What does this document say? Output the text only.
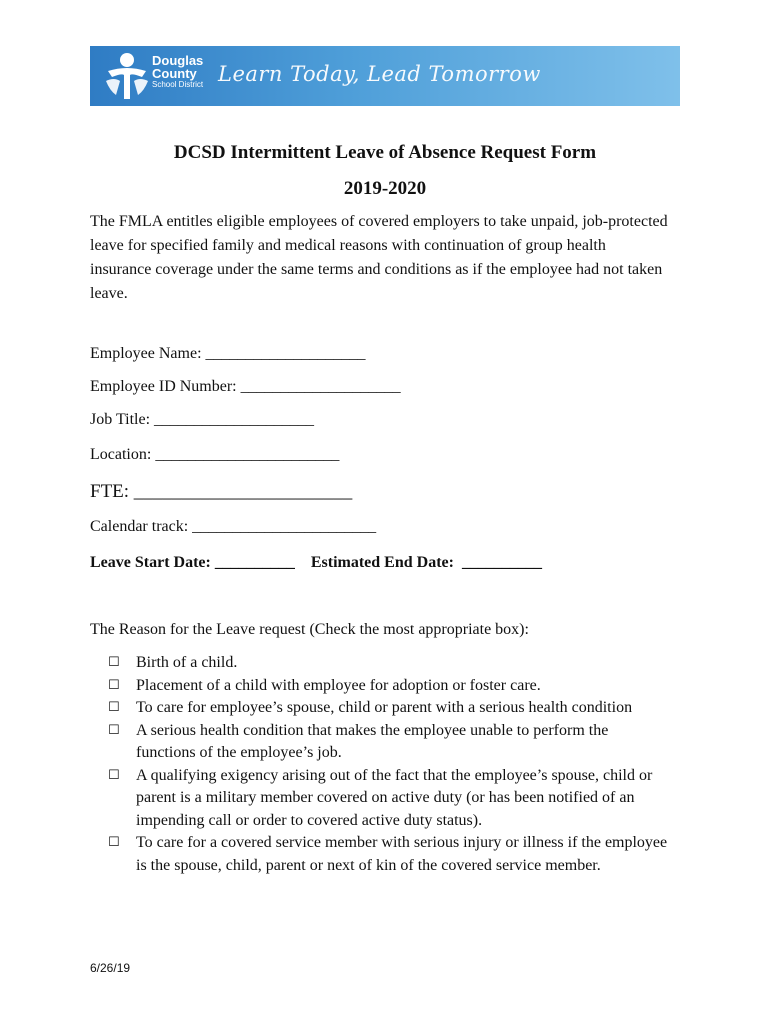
Douglas
County
School District Learn Today, Lead Tomorrow
DCSD Intermittent Leave of Absence Request Form
2019-2020
The FMLA entitles eligible employees of covered employers to take unpaid, job-protected leave for specified family and medical reasons with continuation of group health insurance coverage under the same terms and conditions as if the employee had not taken leave.
Employee Name: ____________________
Employee ID Number: ____________________
Job Title: ____________________
Location: _______________________
FTE: _______________________
Calendar track: _______________________
Leave Start Date: __________    Estimated End Date:  __________
The Reason for the Leave request (Check the most appropriate box):
☐	Birth of a child.
☐	Placement of a child with employee for adoption or foster care.
☐	To care for employee’s spouse, child or parent with a serious health condition
☐	A serious health condition that makes the employee unable to perform the functions of the employee’s job.
☐	A qualifying exigency arising out of the fact that the employee’s spouse, child or parent is a military member covered on active duty (or has been notified of an impending call or order to covered active duty status).
☐	To care for a covered service member with serious injury or illness if the employee is the spouse, child, parent or next of kin of the covered service member.
6/26/19
